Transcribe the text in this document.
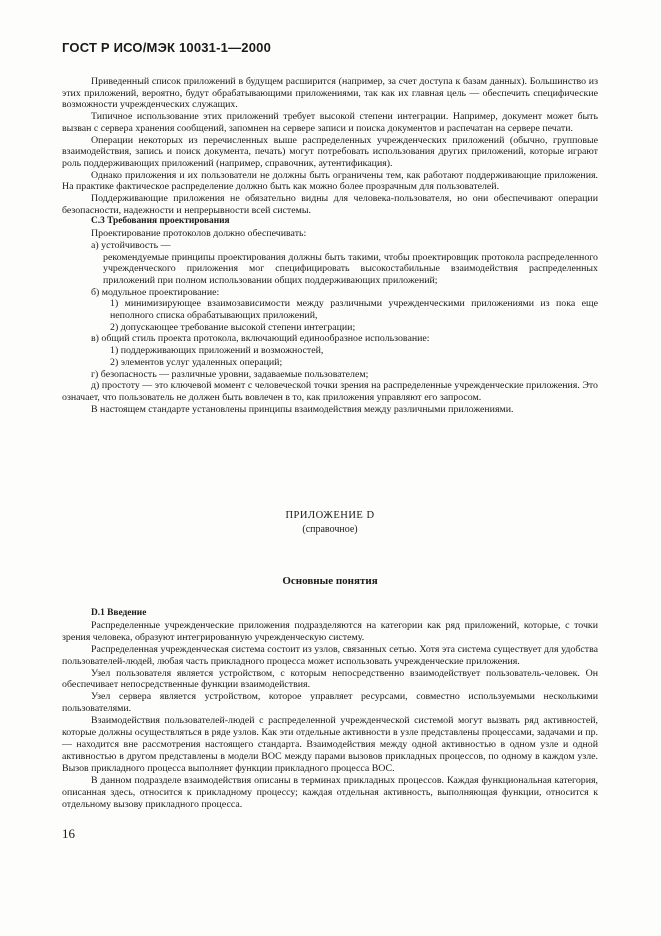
ГОСТ Р ИСО/МЭК 10031-1—2000

Приведенный список приложений в будущем расширится (например, за счет доступа к базам данных). Большинство из этих приложений, вероятно, будут обрабатывающими приложениями, так как их главная цель — обеспечить специфические возможности учрежденческих служащих.

Типичное использование этих приложений требует высокой степени интеграции. Например, документ может быть вызван с сервера хранения сообщений, запомнен на сервере записи и поиска документов и распечатан на сервере печати.

Операции некоторых из перечисленных выше распределенных учрежденческих приложений (обычно, групповые взаимодействия, запись и поиск документа, печать) могут потребовать использования других приложений, которые играют роль поддерживающих приложений (например, справочник, аутентификация).

Однако приложения и их пользователи не должны быть ограничены тем, как работают поддерживающие приложения. На практике фактическое распределение должно быть как можно более прозрачным для пользователей.

Поддерживающие приложения не обязательно видны для человека-пользователя, но они обеспечивают операции безопасности, надежности и непрерывности всей системы.

С.3 Требования проектирования

Проектирование протоколов должно обеспечивать:

а) устойчивость —

рекомендуемые принципы проектирования должны быть такими, чтобы проектировщик протокола распределенного учрежденческого приложения мог специфицировать высокостабильные взаимодействия распределенных приложений при полном использовании общих поддерживающих приложений;

б) модульное проектирование:

1) минимизирующее взаимозависимости между различными учрежденческими приложениями из пока еще неполного списка обрабатывающих приложений,

2) допускающее требование высокой степени интеграции;

в) общий стиль проекта протокола, включающий единообразное использование:

1) поддерживающих приложений и возможностей,

2) элементов услуг удаленных операций;

г) безопасность — различные уровни, задаваемые пользователем;

д) простоту — это ключевой момент с человеческой точки зрения на распределенные учрежденческие приложения. Это означает, что пользователь не должен быть вовлечен в то, как приложения управляют его запросом.

В настоящем стандарте установлены принципы взаимодействия между различными приложениями.

ПРИЛОЖЕНИЕ D
(справочное)
Основные понятия

D.1 Введение

Распределенные учрежденческие приложения подразделяются на категории как ряд приложений, которые, с точки зрения человека, образуют интегрированную учрежденческую систему.

Распределенная учрежденческая система состоит из узлов, связанных сетью. Хотя эта система существует для удобства пользователей-людей, любая часть прикладного процесса может использовать учрежденческие приложения.

Узел пользователя является устройством, с которым непосредственно взаимодействует пользователь-человек. Он обеспечивает непосредственные функции взаимодействия.

Узел сервера является устройством, которое управляет ресурсами, совместно используемыми несколькими пользователями.

Взаимодействия пользователей-людей с распределенной учрежденческой системой могут вызвать ряд активностей, которые должны осуществляться в ряде узлов. Как эти отдельные активности в узле представлены процессами, задачами и пр. — находится вне рассмотрения настоящего стандарта. Взаимодействия между одной активностью в одном узле и одной активностью в другом представлены в модели ВОС между парами вызовов прикладных процессов, по одному в каждом узле. Вызов прикладного процесса выполняет функции прикладного процесса ВОС.

В данном подразделе взаимодействия описаны в терминах прикладных процессов. Каждая функциональная категория, описанная здесь, относится к прикладному процессу; каждая отдельная активность, выполняющая функции, относится к отдельному вызову прикладного процесса.

16
